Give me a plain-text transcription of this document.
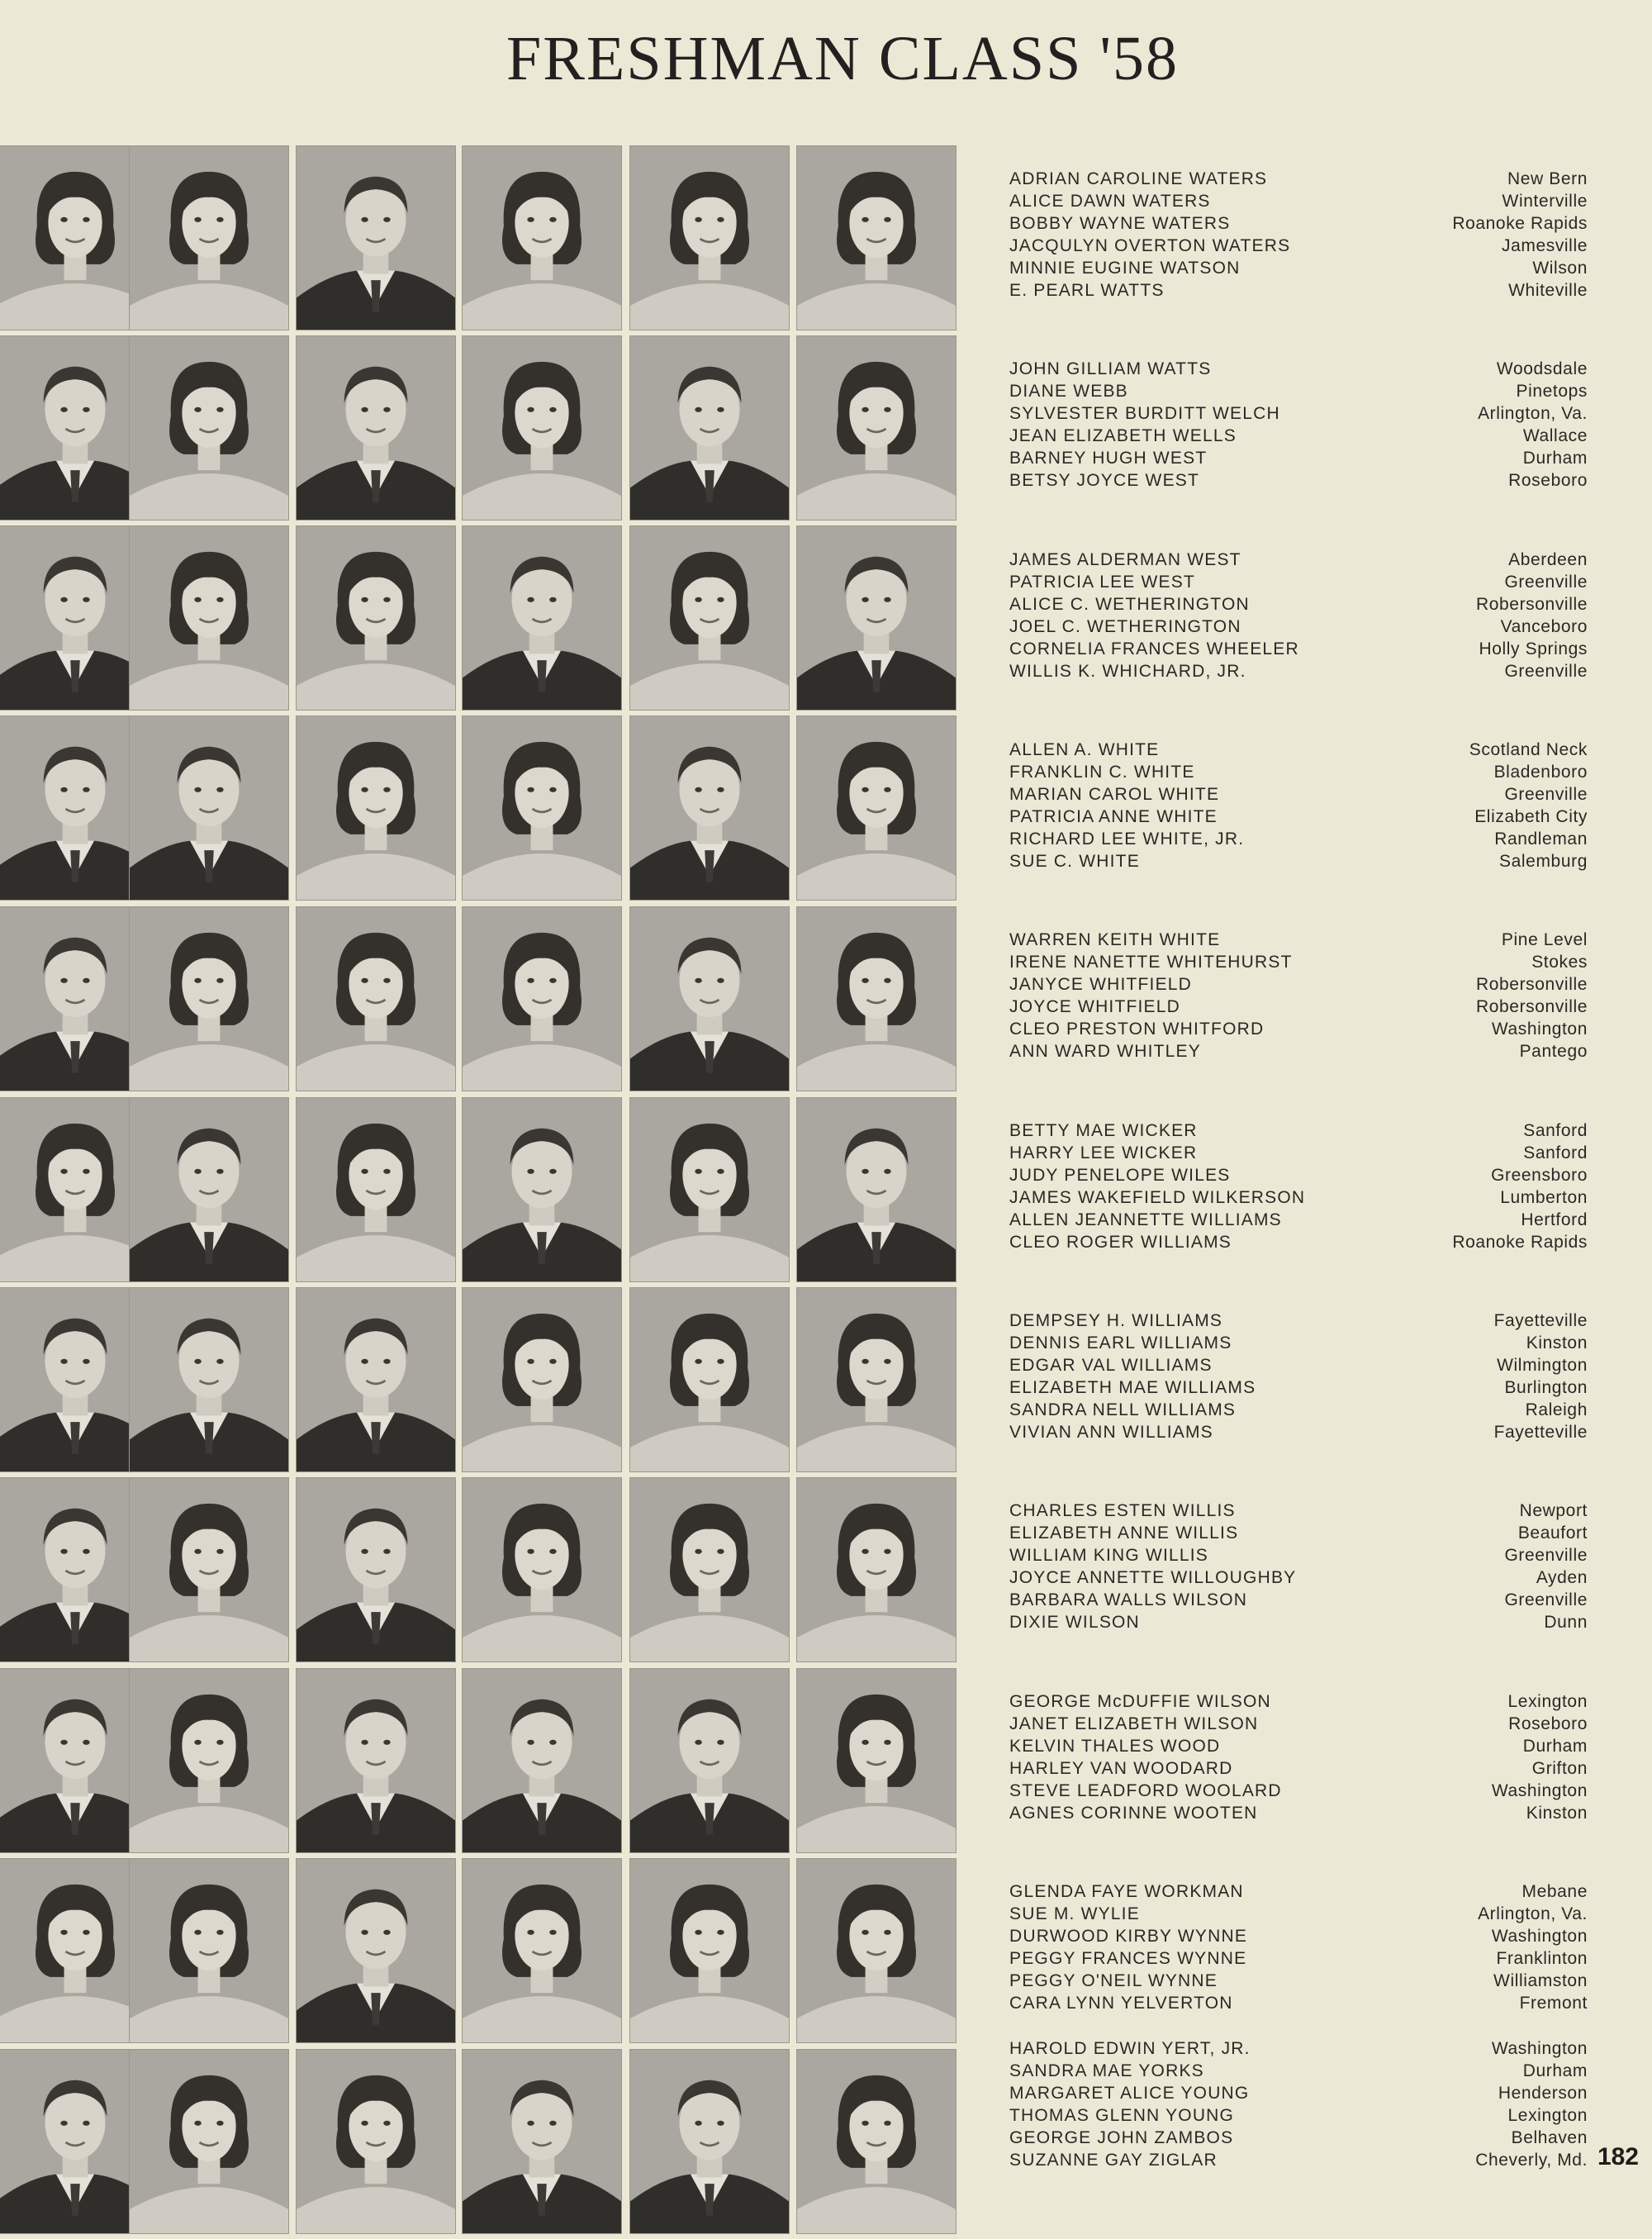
FRESHMAN CLASS '58
ADRIAN CAROLINE WATERS	New Bern
ALICE DAWN WATERS	Winterville
BOBBY WAYNE WATERS	Roanoke Rapids
JACQULYN OVERTON WATERS	Jamesville
MINNIE EUGINE WATSON	Wilson
E. PEARL WATTS	Whiteville
JOHN GILLIAM WATTS	Woodsdale
DIANE WEBB	Pinetops
SYLVESTER BURDITT WELCH	Arlington, Va.
JEAN ELIZABETH WELLS	Wallace
BARNEY HUGH WEST	Durham
BETSY JOYCE WEST	Roseboro
JAMES ALDERMAN WEST	Aberdeen
PATRICIA LEE WEST	Greenville
ALICE C. WETHERINGTON	Robersonville
JOEL C. WETHERINGTON	Vanceboro
CORNELIA FRANCES WHEELER	Holly Springs
WILLIS K. WHICHARD, JR.	Greenville
ALLEN A. WHITE	Scotland Neck
FRANKLIN C. WHITE	Bladenboro
MARIAN CAROL WHITE	Greenville
PATRICIA ANNE WHITE	Elizabeth City
RICHARD LEE WHITE, JR.	Randleman
SUE C. WHITE	Salemburg
WARREN KEITH WHITE	Pine Level
IRENE NANETTE WHITEHURST	Stokes
JANYCE WHITFIELD	Robersonville
JOYCE WHITFIELD	Robersonville
CLEO PRESTON WHITFORD	Washington
ANN WARD WHITLEY	Pantego
BETTY MAE WICKER	Sanford
HARRY LEE WICKER	Sanford
JUDY PENELOPE WILES	Greensboro
JAMES WAKEFIELD WILKERSON	Lumberton
ALLEN JEANNETTE WILLIAMS	Hertford
CLEO ROGER WILLIAMS	Roanoke Rapids
DEMPSEY H. WILLIAMS	Fayetteville
DENNIS EARL WILLIAMS	Kinston
EDGAR VAL WILLIAMS	Wilmington
ELIZABETH MAE WILLIAMS	Burlington
SANDRA NELL WILLIAMS	Raleigh
VIVIAN ANN WILLIAMS	Fayetteville
CHARLES ESTEN WILLIS	Newport
ELIZABETH ANNE WILLIS	Beaufort
WILLIAM KING WILLIS	Greenville
JOYCE ANNETTE WILLOUGHBY	Ayden
BARBARA WALLS WILSON	Greenville
DIXIE WILSON	Dunn
GEORGE McDUFFIE WILSON	Lexington
JANET ELIZABETH WILSON	Roseboro
KELVIN THALES WOOD	Durham
HARLEY VAN WOODARD	Grifton
STEVE LEADFORD WOOLARD	Washington
AGNES CORINNE WOOTEN	Kinston
GLENDA FAYE WORKMAN	Mebane
SUE M. WYLIE	Arlington, Va.
DURWOOD KIRBY WYNNE	Washington
PEGGY FRANCES WYNNE	Franklinton
PEGGY O'NEIL WYNNE	Williamston
CARA LYNN YELVERTON	Fremont
HAROLD EDWIN YERT, JR.	Washington
SANDRA MAE YORKS	Durham
MARGARET ALICE YOUNG	Henderson
THOMAS GLENN YOUNG	Lexington
GEORGE JOHN ZAMBOS	Belhaven
SUZANNE GAY ZIGLAR	Cheverly, Md. 182
